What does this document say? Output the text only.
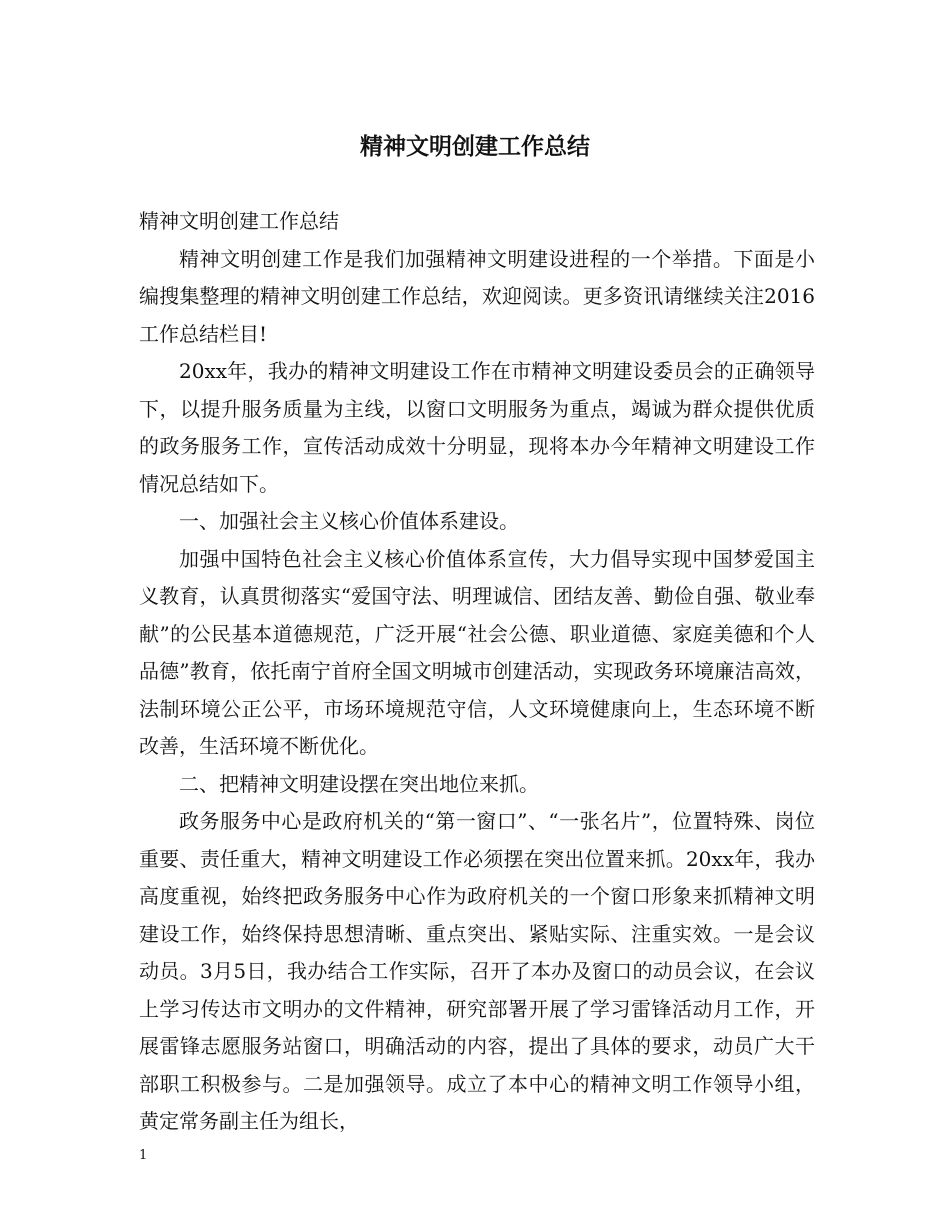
精神文明创建工作总结

精神文明创建工作总结

精神文明创建工作是我们加强精神文明建设进程的一个举措。下面是小编搜集整理的精神文明创建工作总结，欢迎阅读。更多资讯请继续关注2016工作总结栏目!

20xx年，我办的精神文明建设工作在市精神文明建设委员会的正确领导下，以提升服务质量为主线，以窗口文明服务为重点，竭诚为群众提供优质的政务服务工作，宣传活动成效十分明显，现将本办今年精神文明建设工作情况总结如下。

一、加强社会主义核心价值体系建设。

加强中国特色社会主义核心价值体系宣传，大力倡导实现中国梦爱国主义教育，认真贯彻落实“爱国守法、明理诚信、团结友善、勤俭自强、敬业奉献”的公民基本道德规范，广泛开展“社会公德、职业道德、家庭美德和个人品德”教育，依托南宁首府全国文明城市创建活动，实现政务环境廉洁高效，法制环境公正公平，市场环境规范守信，人文环境健康向上，生态环境不断改善，生活环境不断优化。

二、把精神文明建设摆在突出地位来抓。

政务服务中心是政府机关的“第一窗口”、“一张名片”，位置特殊、岗位重要、责任重大，精神文明建设工作必须摆在突出位置来抓。20xx年，我办高度重视，始终把政务服务中心作为政府机关的一个窗口形象来抓精神文明建设工作，始终保持思想清晰、重点突出、紧贴实际、注重实效。一是会议动员。3月5日，我办结合工作实际，召开了本办及窗口的动员会议，在会议上学习传达市文明办的文件精神，研究部署开展了学习雷锋活动月工作，开展雷锋志愿服务站窗口，明确活动的内容，提出了具体的要求，动员广大干部职工积极参与。二是加强领导。成立了本中心的精神文明工作领导小组，黄定常务副主任为组长，

1
